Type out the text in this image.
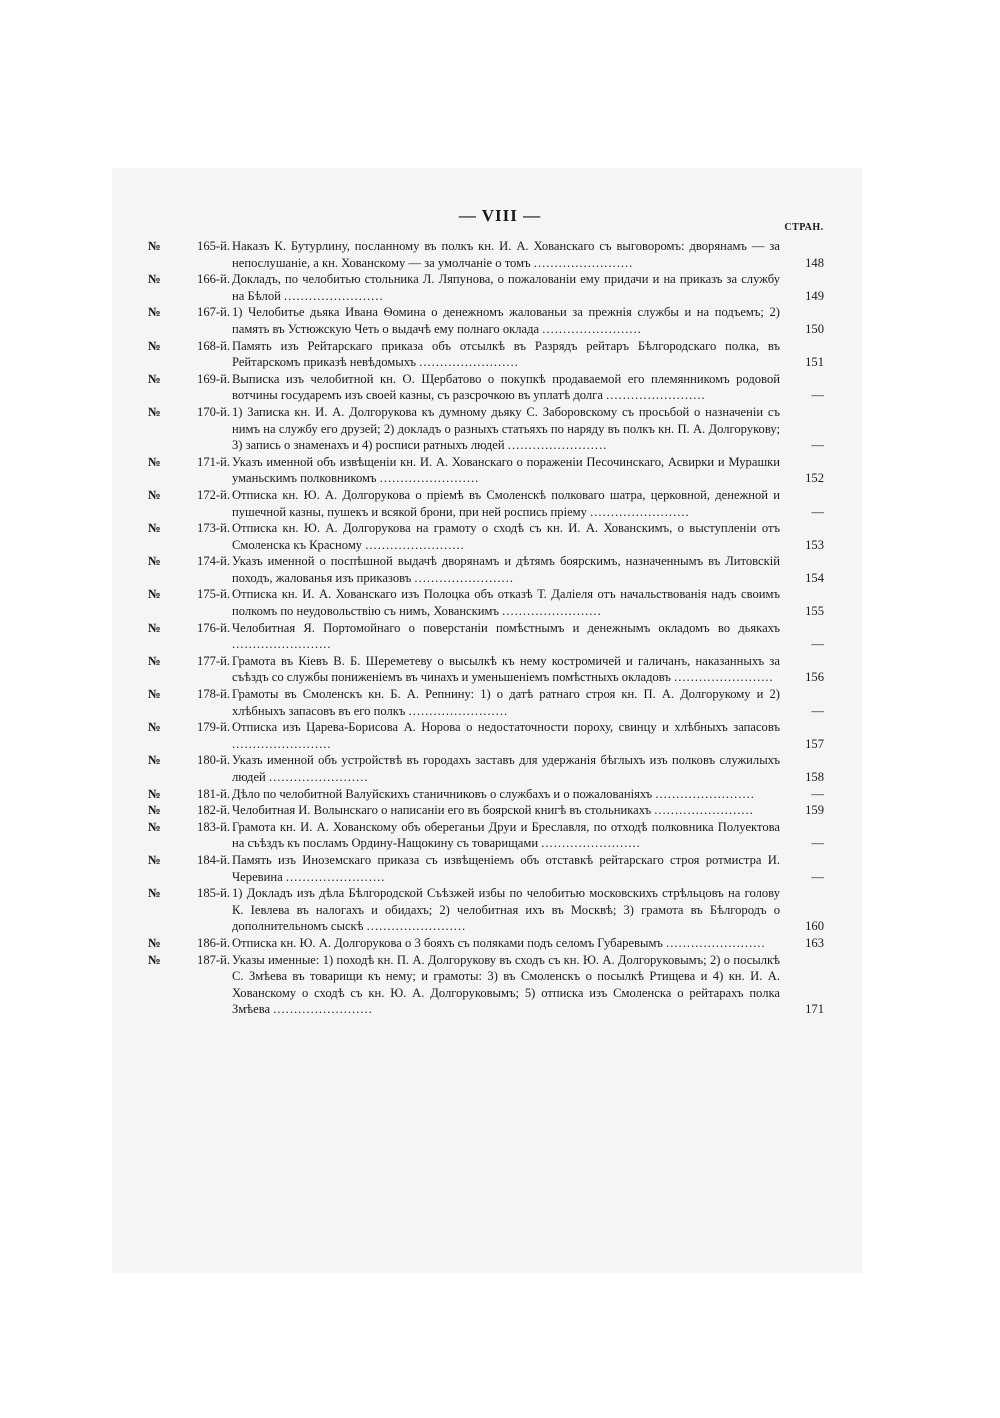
— VIII —
СТРАН.
№	165-й. Наказъ К. Бутурлину, посланному въ полкъ кн. И. А. Хованскаго съ выговоромъ: дворянамъ — за непослушаніе, а кн. Хованскому — за умолчаніе о томъ ........................	148
№	166-й. Докладъ, по челобитью стольника Л. Ляпунова, о пожалованіи ему придачи и на приказъ за службу на Бѣлой ........................	149
№	167-й. 1) Челобитье дьяка Ивана Ѳомина о денежномъ жалованьи за прежнія службы и на подъемъ; 2) память въ Устюжскую Четь о выдачѣ ему полнаго оклада ........................	150
№	168-й. Память изъ Рейтарскаго приказа объ отсылкѣ въ Разрядъ рейтаръ Бѣлгородскаго полка, въ Рейтарскомъ приказѣ невѣдомыхъ ........................	151
№	169-й. Выписка изъ челобитной кн. О. Щербатово о покупкѣ продаваемой его племянникомъ родовой вотчины государемъ изъ своей казны, съ разсрочкою въ уплатѣ долга ........................	—
№	170-й. 1) Записка кн. И. А. Долгорукова къ думному дьяку С. Заборовскому съ просьбой о назначеніи съ нимъ на службу его друзей; 2) докладъ о разныхъ статьяхъ по наряду въ полкъ кн. П. А. Долгорукову; 3) запись о знаменахъ и 4) росписи ратныхъ людей ........................	—
№	171-й. Указъ именной объ извѣщеніи кн. И. А. Хованскаго о пораженіи Песочинскаго, Асвирки и Мурашки уманьскимъ полковникомъ ........................	152
№	172-й. Отписка кн. Ю. А. Долгорукова о пріемѣ въ Смоленскѣ полковаго шатра, церковной, денежной и пушечной казны, пушекъ и всякой брони, при ней роспись пріему ........................	—
№	173-й. Отписка кн. Ю. А. Долгорукова на грамоту о сходѣ съ кн. И. А. Хованскимъ, о выступленіи отъ Смоленска къ Красному ........................	153
№	174-й. Указъ именной о поспѣшной выдачѣ дворянамъ и дѣтямъ боярскимъ, назначеннымъ въ Литовскій походъ, жалованья изъ приказовъ ........................	154
№	175-й. Отписка кн. И. А. Хованскаго изъ Полоцка объ отказѣ Т. Даліеля отъ начальствованія надъ своимъ полкомъ по неудовольствію съ нимъ, Хованскимъ ........................	155
№	176-й. Челобитная Я. Портомойнаго о поверстаніи помѣстнымъ и денежнымъ окладомъ во дьякахъ ........................	—
№	177-й. Грамота въ Кіевъ В. Б. Шереметеву о высылкѣ къ нему костромичей и галичанъ, наказанныхъ за съѣздъ со службы пониженіемъ въ чинахъ и уменьшеніемъ помѣстныхъ окладовъ ........................	156
№	178-й. Грамоты въ Смоленскъ кн. Б. А. Репнину: 1) о датѣ ратнаго строя кн. П. А. Долгорукому и 2) хлѣбныхъ запасовъ въ его полкъ ........................	—
№	179-й. Отписка изъ Царева-Борисова А. Норова о недостаточности пороху, свинцу и хлѣбныхъ запасовъ ........................	157
№	180-й. Указъ именной объ устройствѣ въ городахъ заставъ для удержанія бѣглыхъ изъ полковъ служилыхъ людей ........................	158
№	181-й. Дѣло по челобитной Валуйскихъ станичниковъ о службахъ и о пожалованіяхъ ........................	—
№	182-й. Челобитная И. Волынскаго о написаніи его въ боярской книгѣ въ стольникахъ ........................	159
№	183-й. Грамота кн. И. А. Хованскому объ обереганьи Друи и Бреславля, по отходѣ полковника Полуектова на съѣздъ къ посламъ Ордину-Нащокину съ товарищами ........................	—
№	184-й. Память изъ Иноземскаго приказа съ извѣщеніемъ объ отставкѣ рейтарскаго строя ротмистра И. Черевина ........................	—
№	185-й. 1) Докладъ изъ дѣла Бѣлгородской Съѣзжей избы по челобитью московскихъ стрѣльцовъ на голову К. Іевлева въ налогахъ и обидахъ; 2) челобитная ихъ въ Москвѣ; 3) грамота въ Бѣлгородъ о дополнительномъ сыскѣ ........................	160
№	186-й. Отписка кн. Ю. А. Долгорукова о 3 бояхъ съ поляками подъ селомъ Губаревымъ ........................	163
№	187-й. Указы именные: 1) походѣ кн. П. А. Долгорукову въ сходъ съ кн. Ю. А. Долгоруковымъ; 2) о посылкѣ С. Змѣева въ товарищи къ нему; и грамоты: 3) въ Смоленскъ о посылкѣ Ртищева и 4) кн. И. А. Хованскому о сходѣ съ кн. Ю. А. Долгоруковымъ; 5) отписка изъ Смоленска о рейтарахъ полка Змѣева ........................	171
